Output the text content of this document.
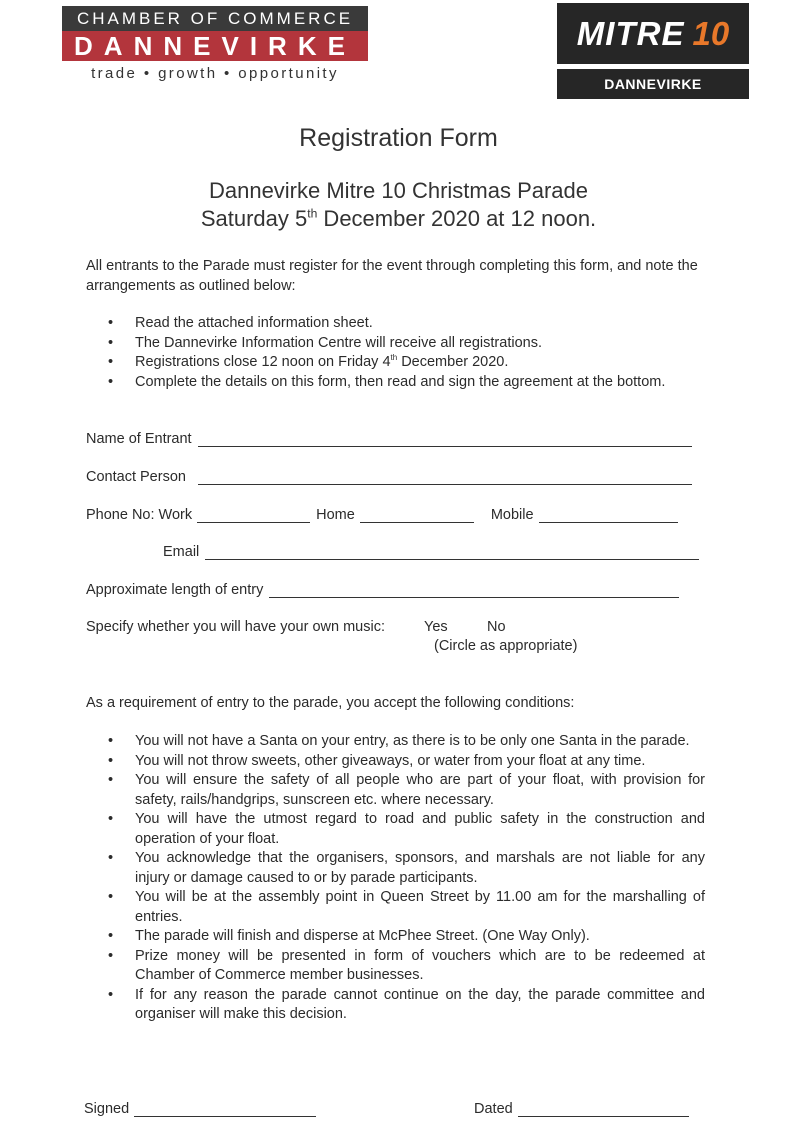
CHAMBER OF COMMERCE
DANNEVIRKE
trade • growth • opportunity
MITRE 10
DANNEVIRKE
Registration Form
Dannevirke Mitre 10 Christmas Parade
Saturday 5th December 2020 at 12 noon.
All entrants to the Parade must register for the event through completing this form, and note the arrangements as outlined below:
• Read the attached information sheet.
• The Dannevirke Information Centre will receive all registrations.
• Registrations close 12 noon on Friday 4th December 2020.
• Complete the details on this form, then read and sign the agreement at the bottom.
Name of Entrant
Contact Person
Phone No: Work	Home	Mobile
Email
Approximate length of entry
Specify whether you will have your own music:	Yes	No
(Circle as appropriate)
As a requirement of entry to the parade, you accept the following conditions:
• You will not have a Santa on your entry, as there is to be only one Santa in the parade.
• You will not throw sweets, other giveaways, or water from your float at any time.
• You will ensure the safety of all people who are part of your float, with provision for safety, rails/handgrips, sunscreen etc. where necessary.
• You will have the utmost regard to road and public safety in the construction and operation of your float.
• You acknowledge that the organisers, sponsors, and marshals are not liable for any injury or damage caused to or by parade participants.
• You will be at the assembly point in Queen Street by 11.00 am for the marshalling of entries.
• The parade will finish and disperse at McPhee Street. (One Way Only).
• Prize money will be presented in form of vouchers which are to be redeemed at Chamber of Commerce member businesses.
• If for any reason the parade cannot continue on the day, the parade committee and organiser will make this decision.
Signed	Dated
